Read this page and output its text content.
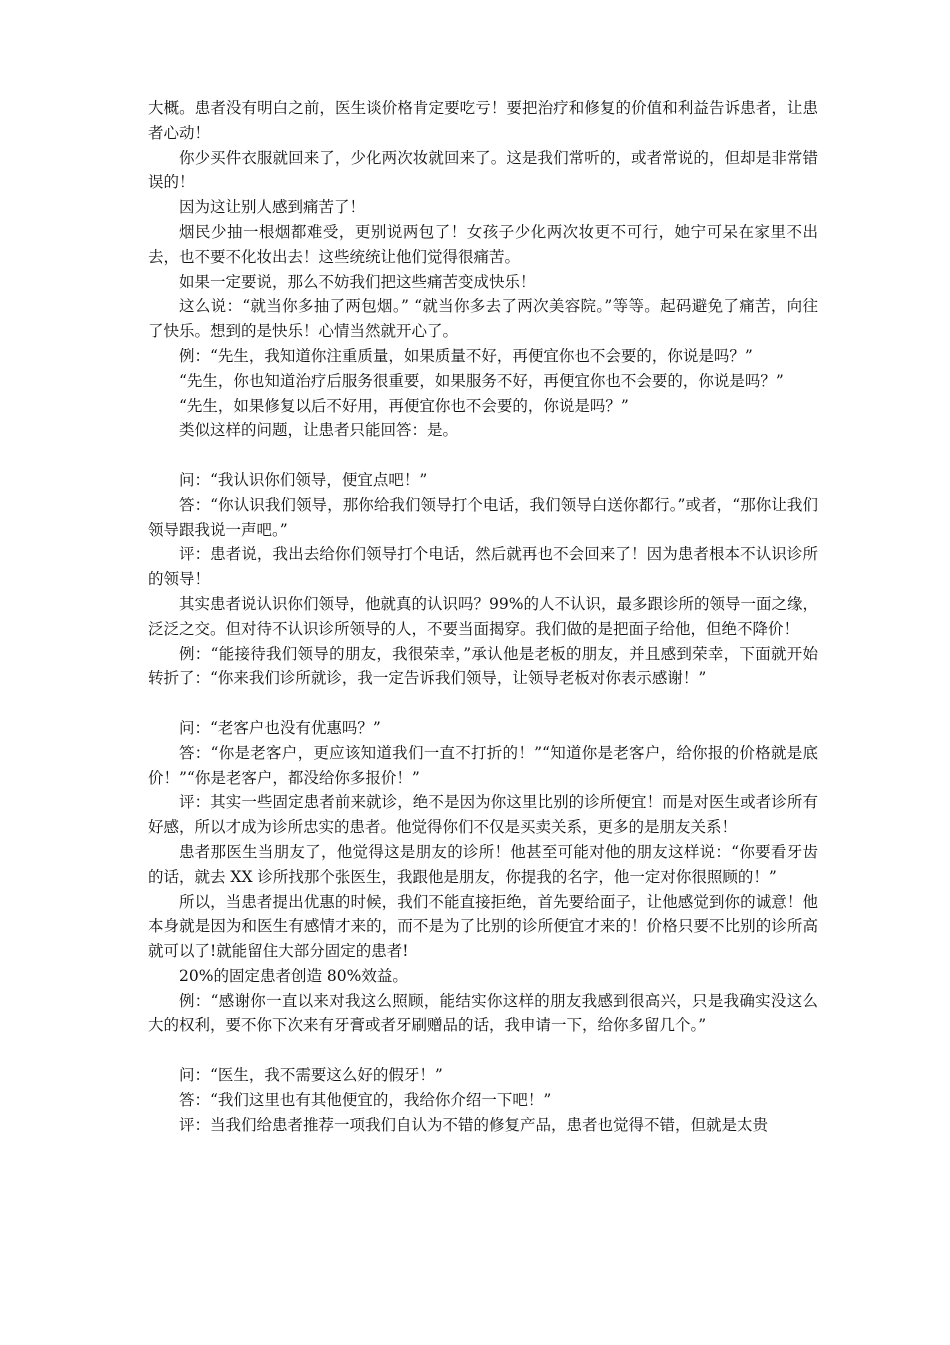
大概。患者没有明白之前，医生谈价格肯定要吃亏！要把治疗和修复的价值和利益告诉患者，让患者心动！

你少买件衣服就回来了，少化两次妆就回来了。这是我们常听的，或者常说的，但却是非常错误的！

因为这让别人感到痛苦了！

烟民少抽一根烟都难受，更别说两包了！女孩子少化两次妆更不可行，她宁可呆在家里不出去，也不要不化妆出去！这些统统让他们觉得很痛苦。

如果一定要说，那么不妨我们把这些痛苦变成快乐！

这么说：“就当你多抽了两包烟。” “就当你多去了两次美容院。”等等。起码避免了痛苦，向往了快乐。想到的是快乐！心情当然就开心了。

例：“先生，我知道你注重质量，如果质量不好，再便宜你也不会要的，你说是吗？”

“先生，你也知道治疗后服务很重要，如果服务不好，再便宜你也不会要的，你说是吗？”

“先生，如果修复以后不好用，再便宜你也不会要的，你说是吗？”

类似这样的问题，让患者只能回答：是。

问：“我认识你们领导，便宜点吧！”

答：“你认识我们领导，那你给我们领导打个电话，我们领导白送你都行。”或者，“那你让我们领导跟我说一声吧。”

评：患者说，我出去给你们领导打个电话，然后就再也不会回来了！因为患者根本不认识诊所的领导！

其实患者说认识你们领导，他就真的认识吗？99%的人不认识，最多跟诊所的领导一面之缘，泛泛之交。但对待不认识诊所领导的人，不要当面揭穿。我们做的是把面子给他，但绝不降价！

例：“能接待我们领导的朋友，我很荣幸，”承认他是老板的朋友，并且感到荣幸，下面就开始转折了：“你来我们诊所就诊，我一定告诉我们领导，让领导老板对你表示感谢！”

问：“老客户也没有优惠吗？”

答：“你是老客户，更应该知道我们一直不打折的！”“知道你是老客户，给你报的价格就是底价！”“你是老客户，都没给你多报价！”

评：其实一些固定患者前来就诊，绝不是因为你这里比别的诊所便宜！而是对医生或者诊所有好感，所以才成为诊所忠实的患者。他觉得你们不仅是买卖关系，更多的是朋友关系！

患者那医生当朋友了，他觉得这是朋友的诊所！他甚至可能对他的朋友这样说：“你要看牙齿的话，就去 XX 诊所找那个张医生，我跟他是朋友，你提我的名字，他一定对你很照顾的！”

所以，当患者提出优惠的时候，我们不能直接拒绝，首先要给面子，让他感觉到你的诚意！他本身就是因为和医生有感情才来的，而不是为了比别的诊所便宜才来的！价格只要不比别的诊所高就可以了!就能留住大部分固定的患者!

20%的固定患者创造 80%效益。

例：“感谢你一直以来对我这么照顾，能结实你这样的朋友我感到很高兴，只是我确实没这么大的权利，要不你下次来有牙膏或者牙刷赠品的话，我申请一下，给你多留几个。”

问：“医生，我不需要这么好的假牙！”

答：“我们这里也有其他便宜的，我给你介绍一下吧！”

评：当我们给患者推荐一项我们自认为不错的修复产品，患者也觉得不错，但就是太贵
